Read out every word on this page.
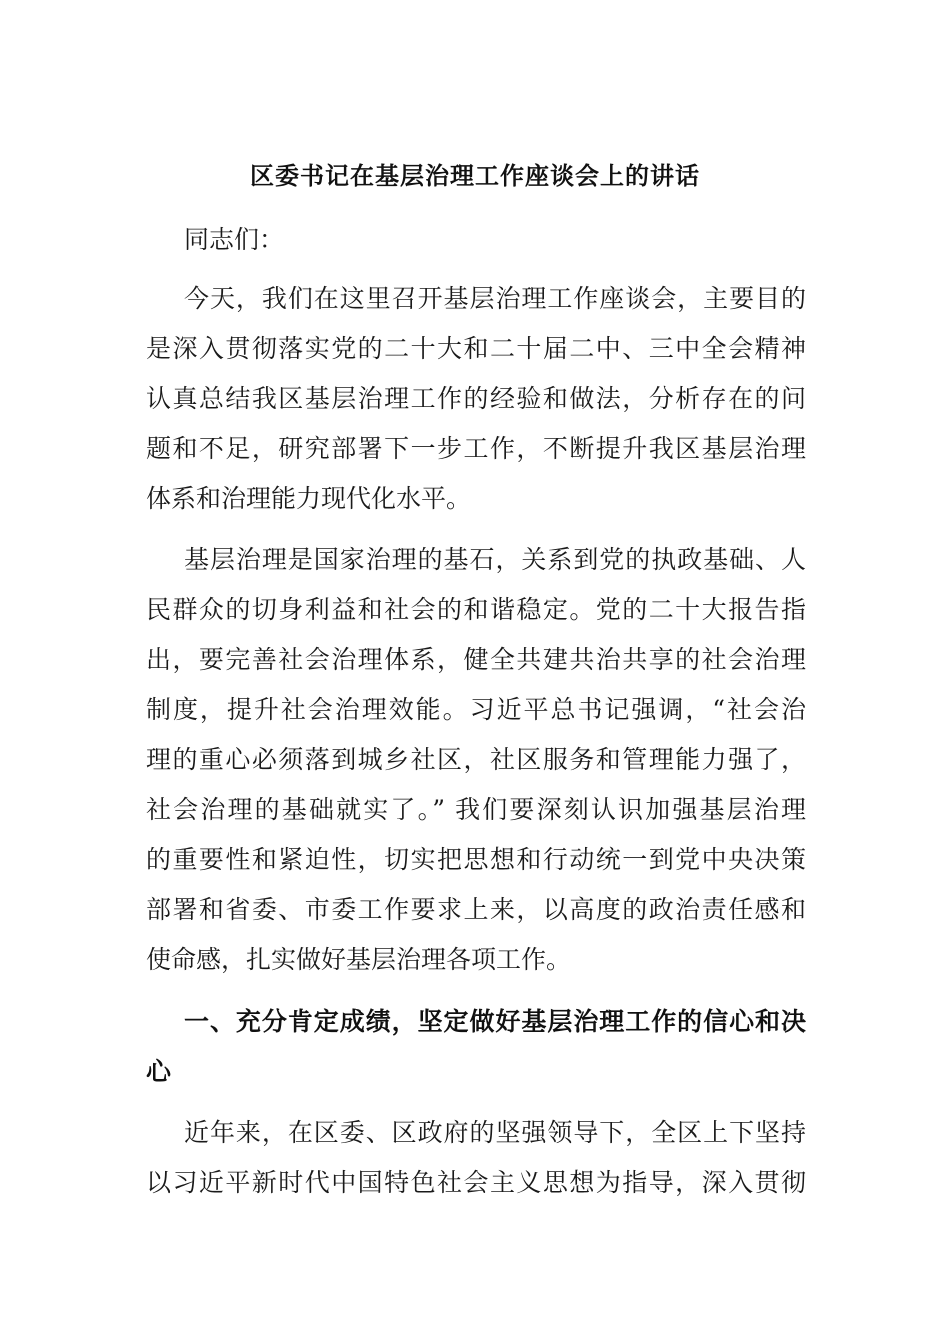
区委书记在基层治理工作座谈会上的讲话
同志们：
今天，我们在这里召开基层治理工作座谈会，主要目的
是深入贯彻落实党的二十大和二十届二中、三中全会精神
认真总结我区基层治理工作的经验和做法，分析存在的问
题和不足，研究部署下一步工作，不断提升我区基层治理
体系和治理能力现代化水平。
基层治理是国家治理的基石，关系到党的执政基础、人
民群众的切身利益和社会的和谐稳定。党的二十大报告指
出，要完善社会治理体系，健全共建共治共享的社会治理
制度，提升社会治理效能。习近平总书记强调，“社会治
理的重心必须落到城乡社区，社区服务和管理能力强了，
社会治理的基础就实了。” 我们要深刻认识加强基层治理
的重要性和紧迫性，切实把思想和行动统一到党中央决策
部署和省委、市委工作要求上来，以高度的政治责任感和
使命感，扎实做好基层治理各项工作。
一、充分肯定成绩，坚定做好基层治理工作的信心和决
心
近年来，在区委、区政府的坚强领导下，全区上下坚持
以习近平新时代中国特色社会主义思想为指导，深入贯彻
